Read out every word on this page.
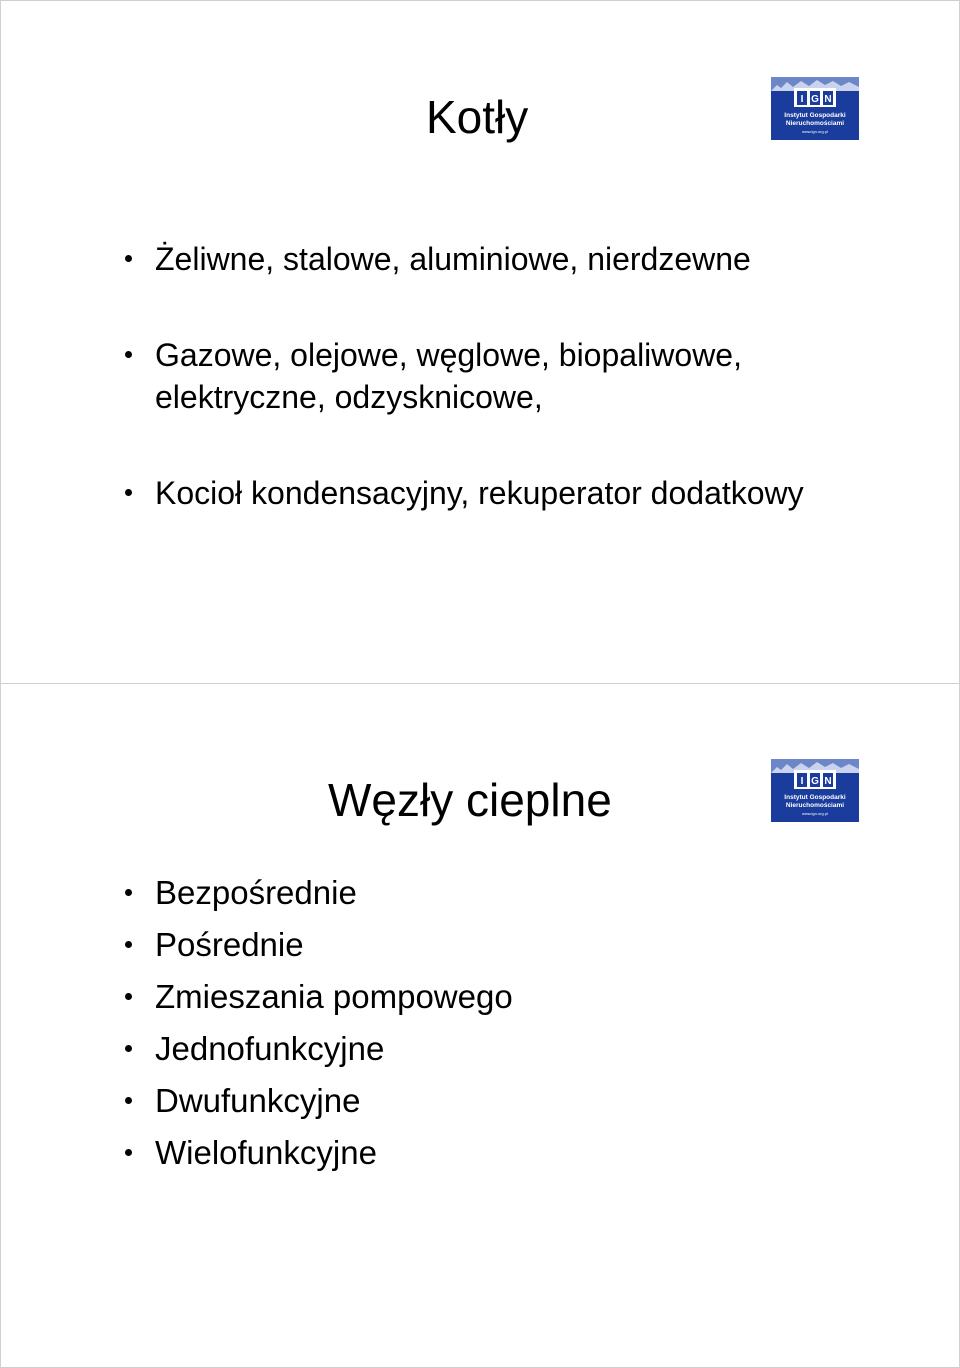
Kotły	I G N
Instytut Gospodarki
Nieruchomościami
www.ign.org.pl
Żeliwne, stalowe, aluminiowe, nierdzewne
Gazowe, olejowe, węglowe, biopaliwowe, elektryczne, odzysknicowe,
Kocioł kondensacyjny, rekuperator dodatkowy
Węzły cieplne	I G N
Instytut Gospodarki
Nieruchomościami
www.ign.org.pl
Bezpośrednie
Pośrednie
Zmieszania pompowego
Jednofunkcyjne
Dwufunkcyjne
Wielofunkcyjne
